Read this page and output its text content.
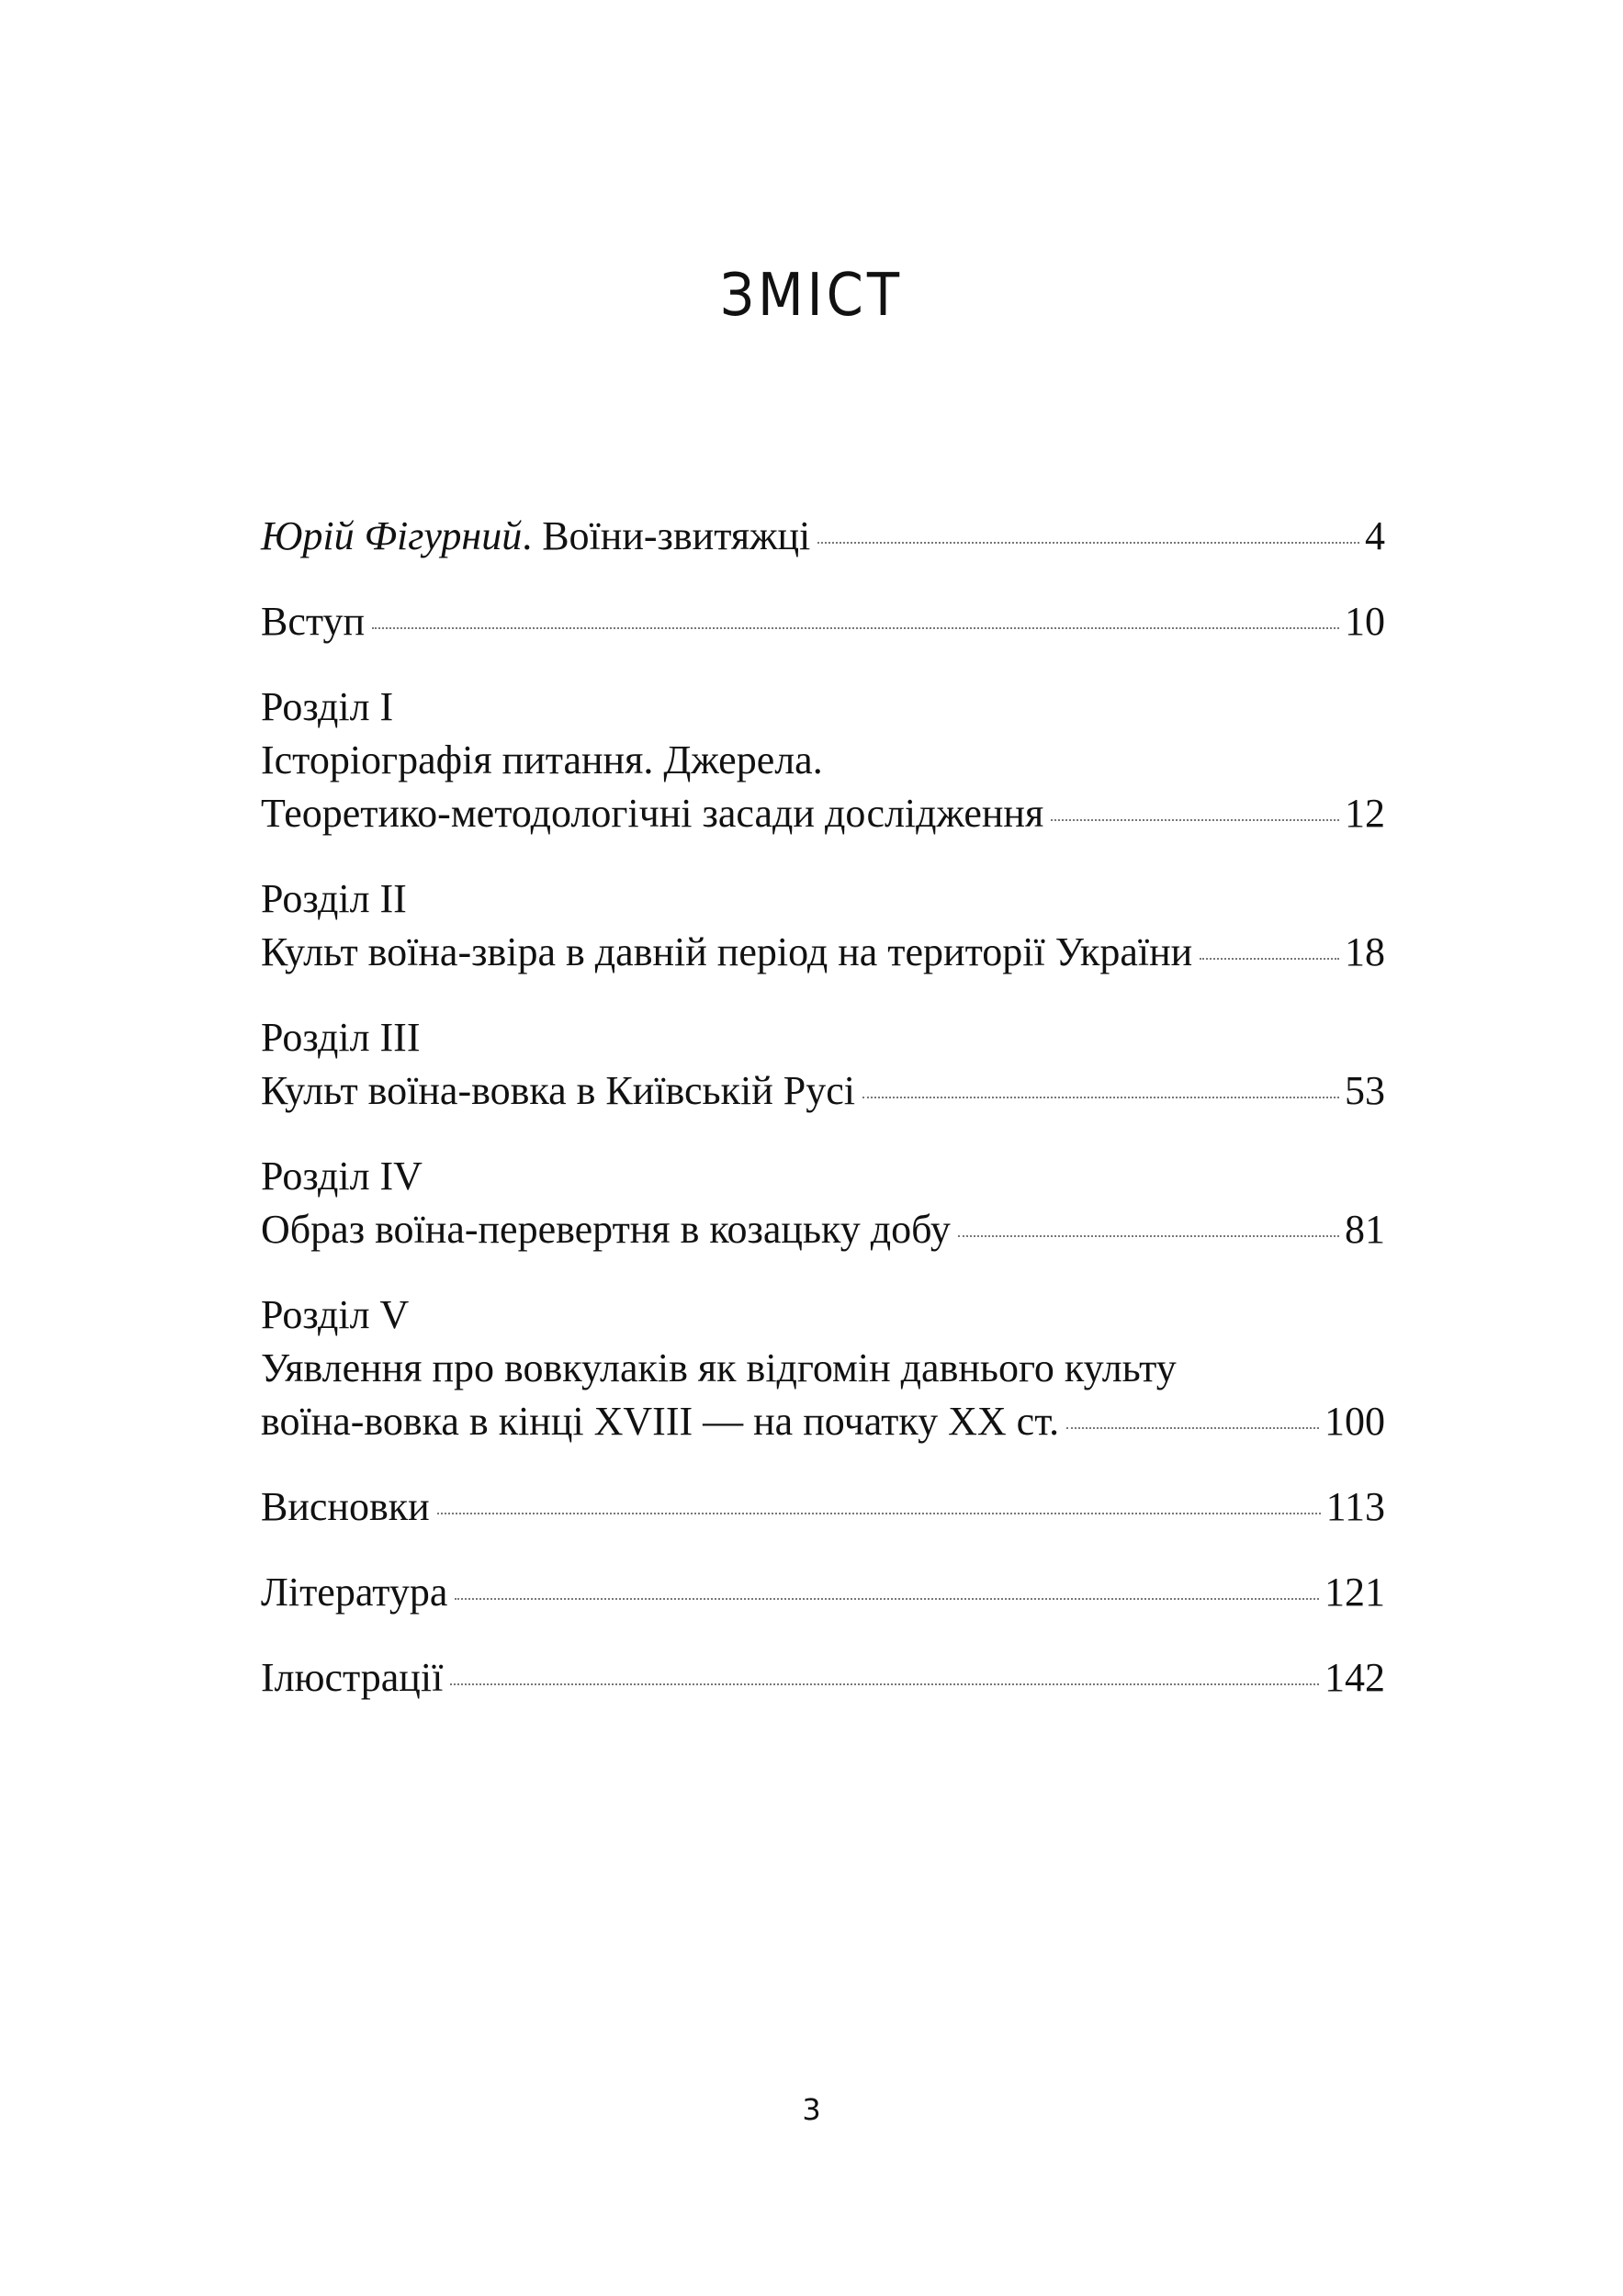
ЗМІСТ
Юрій Фігурний. Воїни-звитяжці	4
Вступ	10
Розділ І
Історіографія питання. Джерела.
Теоретико-методологічні засади дослідження	12
Розділ ІІ
Культ воїна-звіра в давній період на території України	18
Розділ ІІІ
Культ воїна-вовка в Київській Русі	53
Розділ IV
Образ воїна-перевертня в козацьку добу	81
Розділ V
Уявлення про вовкулаків як відгомін давнього культу
воїна-вовка в кінці XVIII — на початку ХХ ст.	100
Висновки	113
Література	121
Ілюстрації	142
3
